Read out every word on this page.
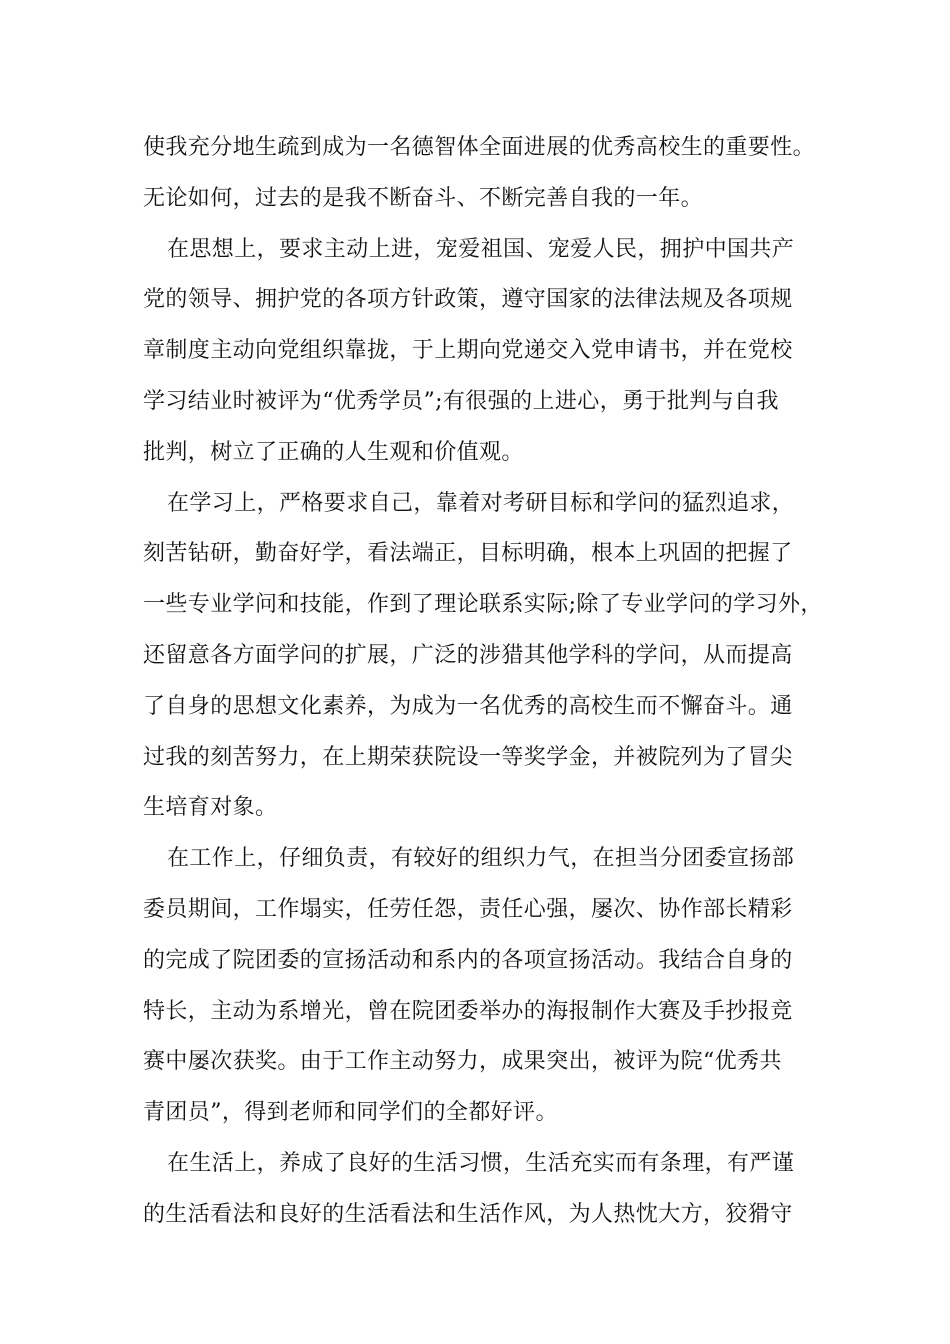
使我充分地生疏到成为一名德智体全面进展的优秀高校生的重要性。
无论如何，过去的是我不断奋斗、不断完善自我的一年。
在思想上，要求主动上进，宠爱祖国、宠爱人民，拥护中国共产
党的领导、拥护党的各项方针政策，遵守国家的法律法规及各项规
章制度主动向党组织靠拢，于上期向党递交入党申请书，并在党校
学习结业时被评为“优秀学员”;有很强的上进心，勇于批判与自我
批判，树立了正确的人生观和价值观。
在学习上，严格要求自己，靠着对考研目标和学问的猛烈追求，
刻苦钻研，勤奋好学，看法端正，目标明确，根本上巩固的把握了
一些专业学问和技能，作到了理论联系实际;除了专业学问的学习外，
还留意各方面学问的扩展，广泛的涉猎其他学科的学问，从而提高
了自身的思想文化素养，为成为一名优秀的高校生而不懈奋斗。通
过我的刻苦努力，在上期荣获院设一等奖学金，并被院列为了冒尖
生培育对象。
在工作上，仔细负责，有较好的组织力气，在担当分团委宣扬部
委员期间，工作塌实，任劳任怨，责任心强，屡次、协作部长精彩
的完成了院团委的宣扬活动和系内的各项宣扬活动。我结合自身的
特长，主动为系增光，曾在院团委举办的海报制作大赛及手抄报竞
赛中屡次获奖。由于工作主动努力，成果突出，被评为院“优秀共
青团员”，得到老师和同学们的全都好评。
在生活上，养成了良好的生活习惯，生活充实而有条理，有严谨
的生活看法和良好的生活看法和生活作风，为人热忱大方，狡猾守
